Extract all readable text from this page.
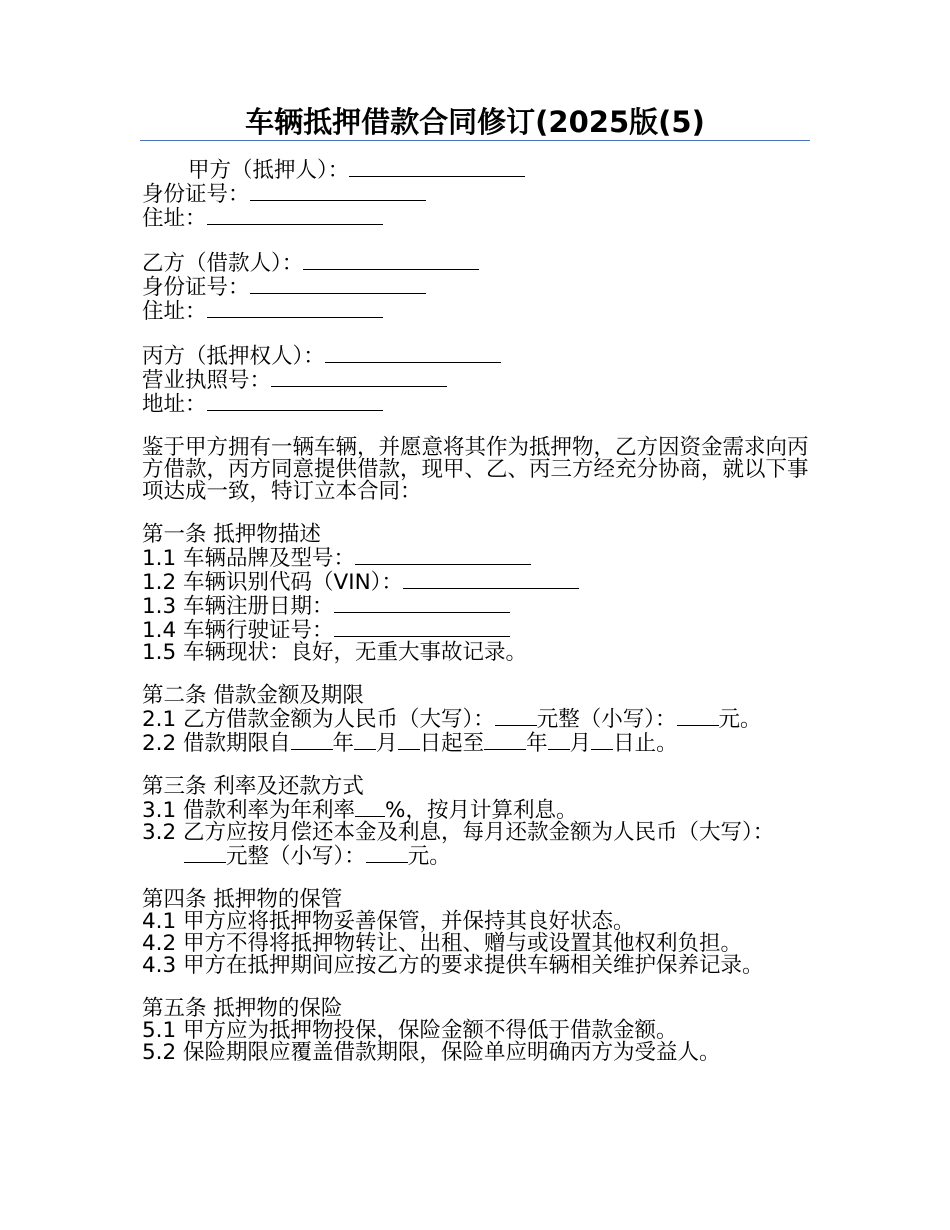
车辆抵押借款合同修订(2025版(5)
甲方（抵押人）：
身份证号：
住址：
乙方（借款人）：
身份证号：
住址：
丙方（抵押权人）：
营业执照号：
地址：
鉴于甲方拥有一辆车辆，并愿意将其作为抵押物，乙方因资金需求向丙方借款，丙方同意提供借款，现甲、乙、丙三方经充分协商，就以下事项达成一致，特订立本合同：
第一条 抵押物描述
1.1 车辆品牌及型号：
1.2 车辆识别代码（VIN）：
1.3 车辆注册日期：
1.4 车辆行驶证号：
1.5 车辆现状：良好，无重大事故记录。
第二条 借款金额及期限
2.1 乙方借款金额为人民币（大写）： 元整（小写）： 元。
2.2 借款期限自 年 月 日起至 年 月 日止。
第三条 利率及还款方式
3.1 借款利率为年利率 %，按月计算利息。
3.2 乙方应按月偿还本金及利息，每月还款金额为人民币（大写）：元整（小写）： 元。
第四条 抵押物的保管
4.1 甲方应将抵押物妥善保管，并保持其良好状态。
4.2 甲方不得将抵押物转让、出租、赠与或设置其他权利负担。
4.3 甲方在抵押期间应按乙方的要求提供车辆相关维护保养记录。
第五条 抵押物的保险
5.1 甲方应为抵押物投保，保险金额不得低于借款金额。
5.2 保险期限应覆盖借款期限，保险单应明确丙方为受益人。
